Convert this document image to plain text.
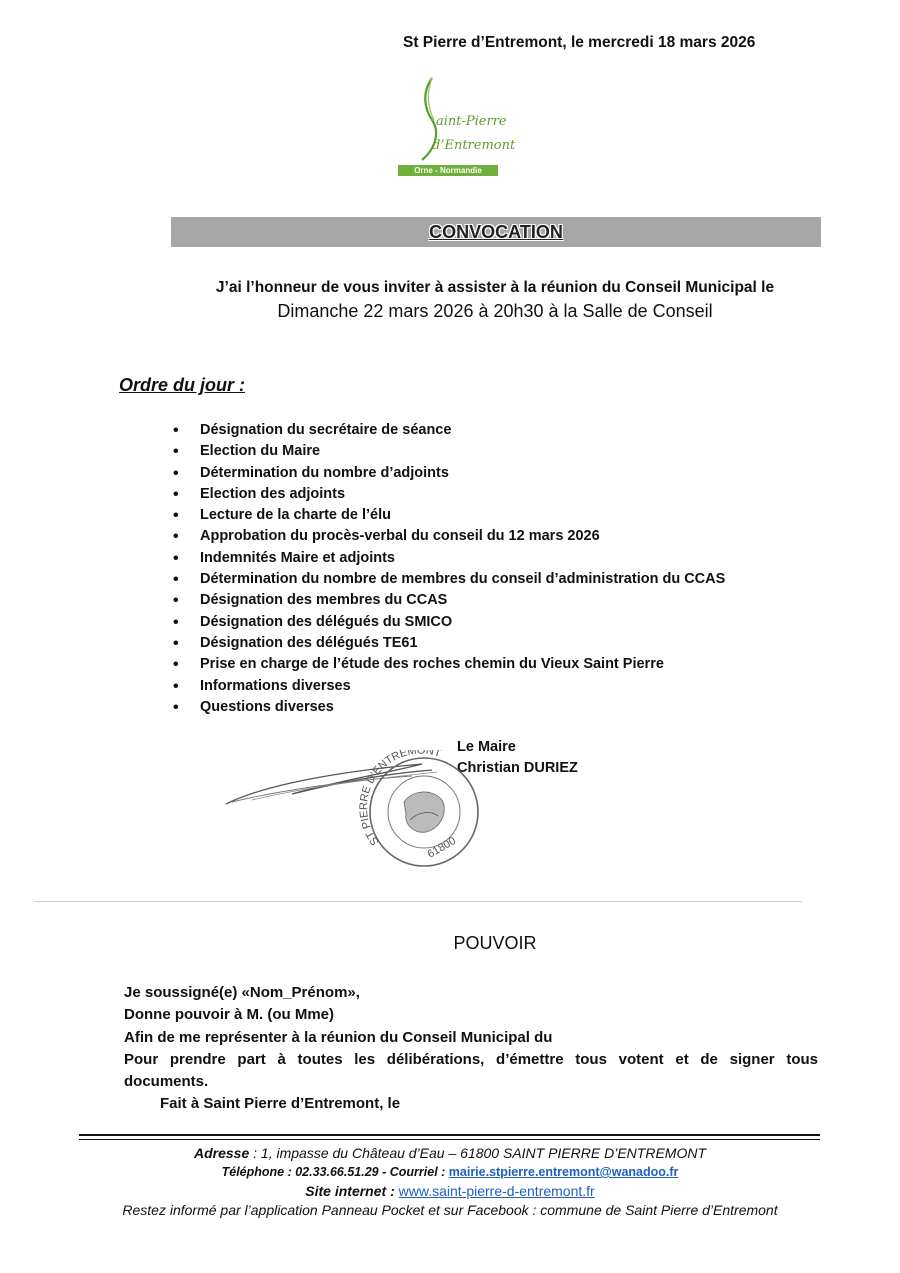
St Pierre d’Entremont, le mercredi 18 mars 2026
aint-Pierre
d’Entremont
Orne - Normandie
CONVOCATION
J’ai l’honneur de vous inviter à assister à la réunion du Conseil Municipal le
Dimanche 22 mars 2026 à 20h30 à la Salle de Conseil
Ordre du jour :
• Désignation du secrétaire de séance
• Election du Maire
• Détermination du nombre d’adjoints
• Election des adjoints
• Lecture de la charte de l’élu
• Approbation du procès-verbal du conseil du 12 mars 2026
• Indemnités Maire et adjoints
• Détermination du nombre de membres du conseil d’administration du CCAS
• Désignation des membres du CCAS
• Désignation des délégués du SMICO
• Désignation des délégués TE61
• Prise en charge de l’étude des roches chemin du Vieux Saint Pierre
• Informations diverses
• Questions diverses
Le Maire
Christian DURIEZ
ST PIERRE D’ENTREMONT
61800
POUVOIR
Je soussigné(e) «Nom_Prénom»,
Donne pouvoir à M. (ou Mme)
Afin de me représenter à la réunion du Conseil Municipal du
Pour prendre part à toutes les délibérations, d’émettre tous votent et de signer tous
documents.
Fait à Saint Pierre d’Entremont, le
Adresse : 1, impasse du Château d’Eau – 61800 SAINT PIERRE D’ENTREMONT
Téléphone : 02.33.66.51.29 - Courriel : mairie.stpierre.entremont@wanadoo.fr
Site internet : www.saint-pierre-d-entremont.fr
Restez informé par l’application Panneau Pocket et sur Facebook : commune de Saint Pierre d’Entremont
